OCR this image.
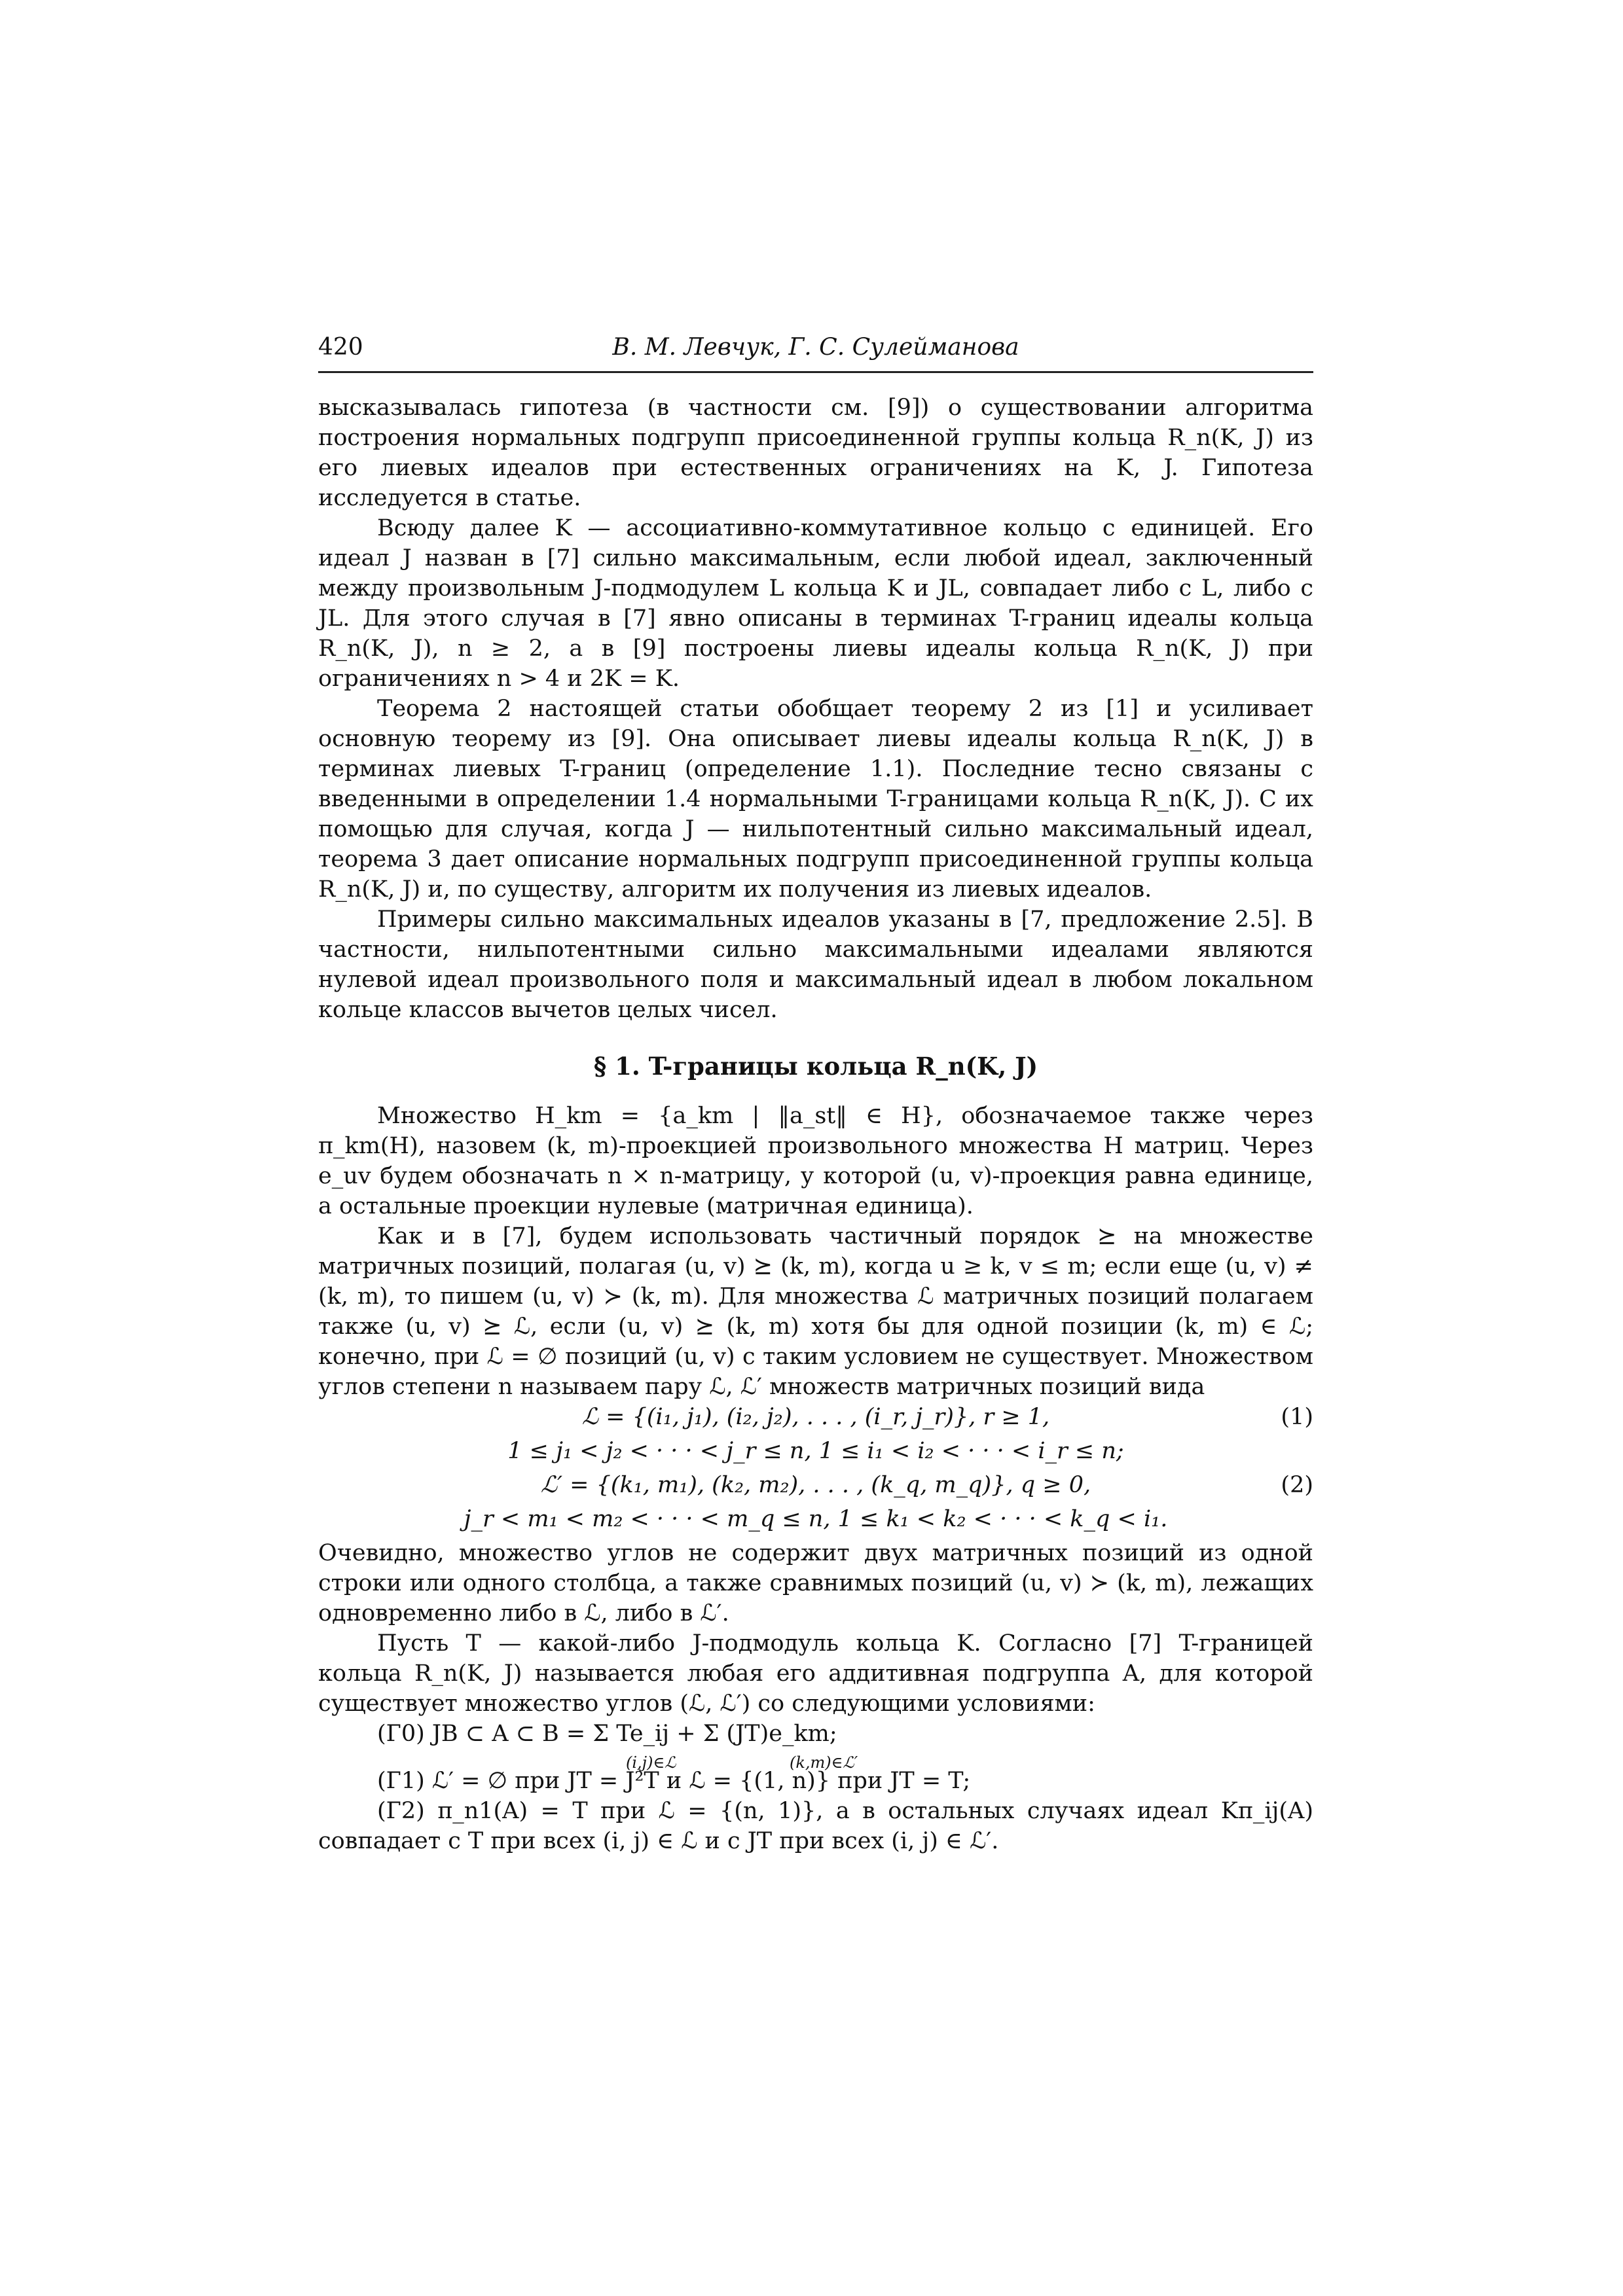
420	В. М. Левчук, Г. С. Сулейманова

высказывалась гипотеза (в частности см. [9]) о существовании алгоритма построения нормальных подгрупп присоединенной группы кольца R_n(K, J) из его лиевых идеалов при естественных ограничениях на K, J. Гипотеза исследуется в статье.

Всюду далее K — ассоциативно-коммутативное кольцо с единицей. Его идеал J назван в [7] сильно максимальным, если любой идеал, заключенный между произвольным J-подмодулем L кольца K и JL, совпадает либо с L, либо с JL. Для этого случая в [7] явно описаны в терминах T-границ идеалы кольца R_n(K, J), n ≥ 2, а в [9] построены лиевы идеалы кольца R_n(K, J) при ограничениях n > 4 и 2K = K.

Теорема 2 настоящей статьи обобщает теорему 2 из [1] и усиливает основную теорему из [9]. Она описывает лиевы идеалы кольца R_n(K, J) в терминах лиевых T-границ (определение 1.1). Последние тесно связаны с введенными в определении 1.4 нормальными T-границами кольца R_n(K, J). С их помощью для случая, когда J — нильпотентный сильно максимальный идеал, теорема 3 дает описание нормальных подгрупп присоединенной группы кольца R_n(K, J) и, по существу, алгоритм их получения из лиевых идеалов.

Примеры сильно максимальных идеалов указаны в [7, предложение 2.5]. В частности, нильпотентными сильно максимальными идеалами являются нулевой идеал произвольного поля и максимальный идеал в любом локальном кольце классов вычетов целых чисел.

§ 1. T-границы кольца R_n(K, J)

Множество H_km = {a_km | ‖a_st‖ ∈ H}, обозначаемое также через π_km(H), назовем (k, m)-проекцией произвольного множества H матриц. Через e_uv будем обозначать n × n-матрицу, у которой (u, v)-проекция равна единице, а остальные проекции нулевые (матричная единица).

Как и в [7], будем использовать частичный порядок ⪰ на множестве матричных позиций, полагая (u, v) ⪰ (k, m), когда u ≥ k, v ≤ m; если еще (u, v) ≠ (k, m), то пишем (u, v) ≻ (k, m). Для множества ℒ матричных позиций полагаем также (u, v) ⪰ ℒ, если (u, v) ⪰ (k, m) хотя бы для одной позиции (k, m) ∈ ℒ; конечно, при ℒ = ∅ позиций (u, v) с таким условием не существует. Множеством углов степени n называем пару ℒ, ℒ′ множеств матричных позиций вида

ℒ = {(i₁, j₁), (i₂, j₂), . . . , (i_r, j_r)}, r ≥ 1,	(1)
1 ≤ j₁ < j₂ < · · · < j_r ≤ n, 1 ≤ i₁ < i₂ < · · · < i_r ≤ n;
ℒ′ = {(k₁, m₁), (k₂, m₂), . . . , (k_q, m_q)}, q ≥ 0,	(2)
j_r < m₁ < m₂ < · · · < m_q ≤ n, 1 ≤ k₁ < k₂ < · · · < k_q < i₁.

Очевидно, множество углов не содержит двух матричных позиций из одной строки или одного столбца, а также сравнимых позиций (u, v) ≻ (k, m), лежащих одновременно либо в ℒ, либо в ℒ′.

Пусть T — какой-либо J-подмодуль кольца K. Согласно [7] T-границей кольца R_n(K, J) называется любая его аддитивная подгруппа A, для которой существует множество углов (ℒ, ℒ′) со следующими условиями:

(Г0) JB ⊂ A ⊂ B = Σ Te_ij + Σ (JT)e_km;
(i,j)∈ℒ	(k,m)∈ℒ′

(Г1) ℒ′ = ∅ при JT = J²T и ℒ = {(1, n)} при JT = T;

(Г2) π_n1(A) = T при ℒ = {(n, 1)}, а в остальных случаях идеал Kπ_ij(A) совпадает с T при всех (i, j) ∈ ℒ и с JT при всех (i, j) ∈ ℒ′.
